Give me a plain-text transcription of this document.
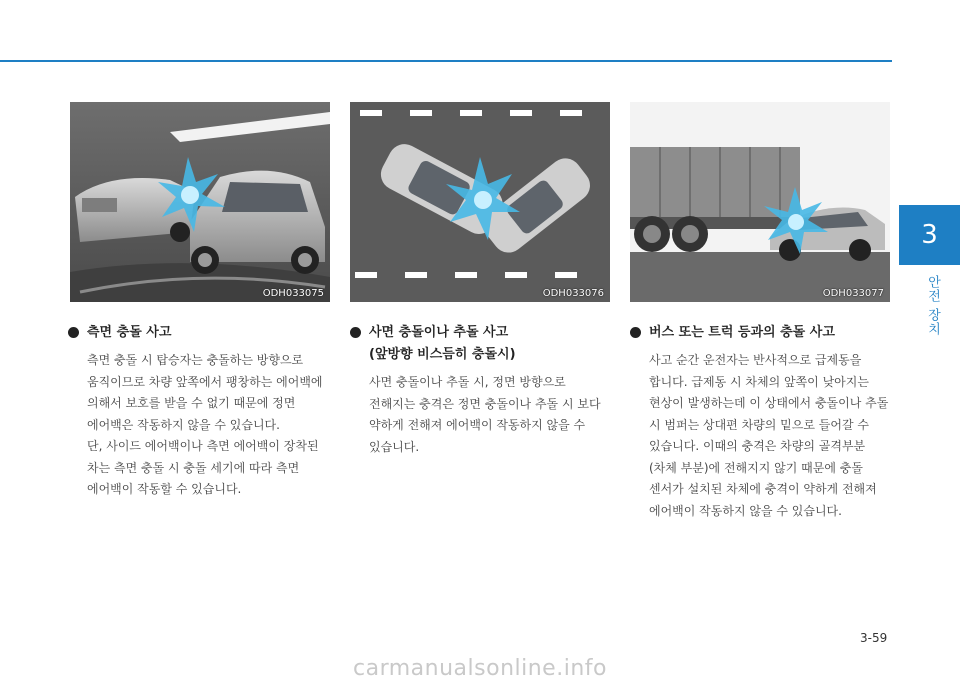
3
안전 장치
ODH033075	ODH033076	ODH033077
측면 충돌 사고

측면 충돌 시 탑승자는 충돌하는 방향으로 움직이므로 차량 앞쪽에서 팽창하는 에어백에 의해서 보호를 받을 수 없기 때문에 정면 에어백은 작동하지 않을 수 있습니다.

단, 사이드 에어백이나 측면 에어백이 장착된 차는 측면 충돌 시 충돌 세기에 따라 측면 에어백이 작동할 수 있습니다.

사면 충돌이나 추돌 사고
(앞방향 비스듬히 충돌시)

사면 충돌이나 추돌 시, 정면 방향으로 전해지는 충격은 정면 충돌이나 추돌 시 보다 약하게 전해져 에어백이 작동하지 않을 수 있습니다.

버스 또는 트럭 등과의 충돌 사고

사고 순간 운전자는 반사적으로 급제동을 합니다. 급제동 시 차체의 앞쪽이 낮아지는 현상이 발생하는데 이 상태에서 충돌이나 추돌 시 범퍼는 상대편 차량의 밑으로 들어갈 수 있습니다. 이때의 충격은 차량의 골격부분(차체 부분)에 전해지지 않기 때문에 충돌 센서가 설치된 차체에 충격이 약하게 전해져 에어백이 작동하지 않을 수 있습니다.

3-59
carmanualsonline.info
